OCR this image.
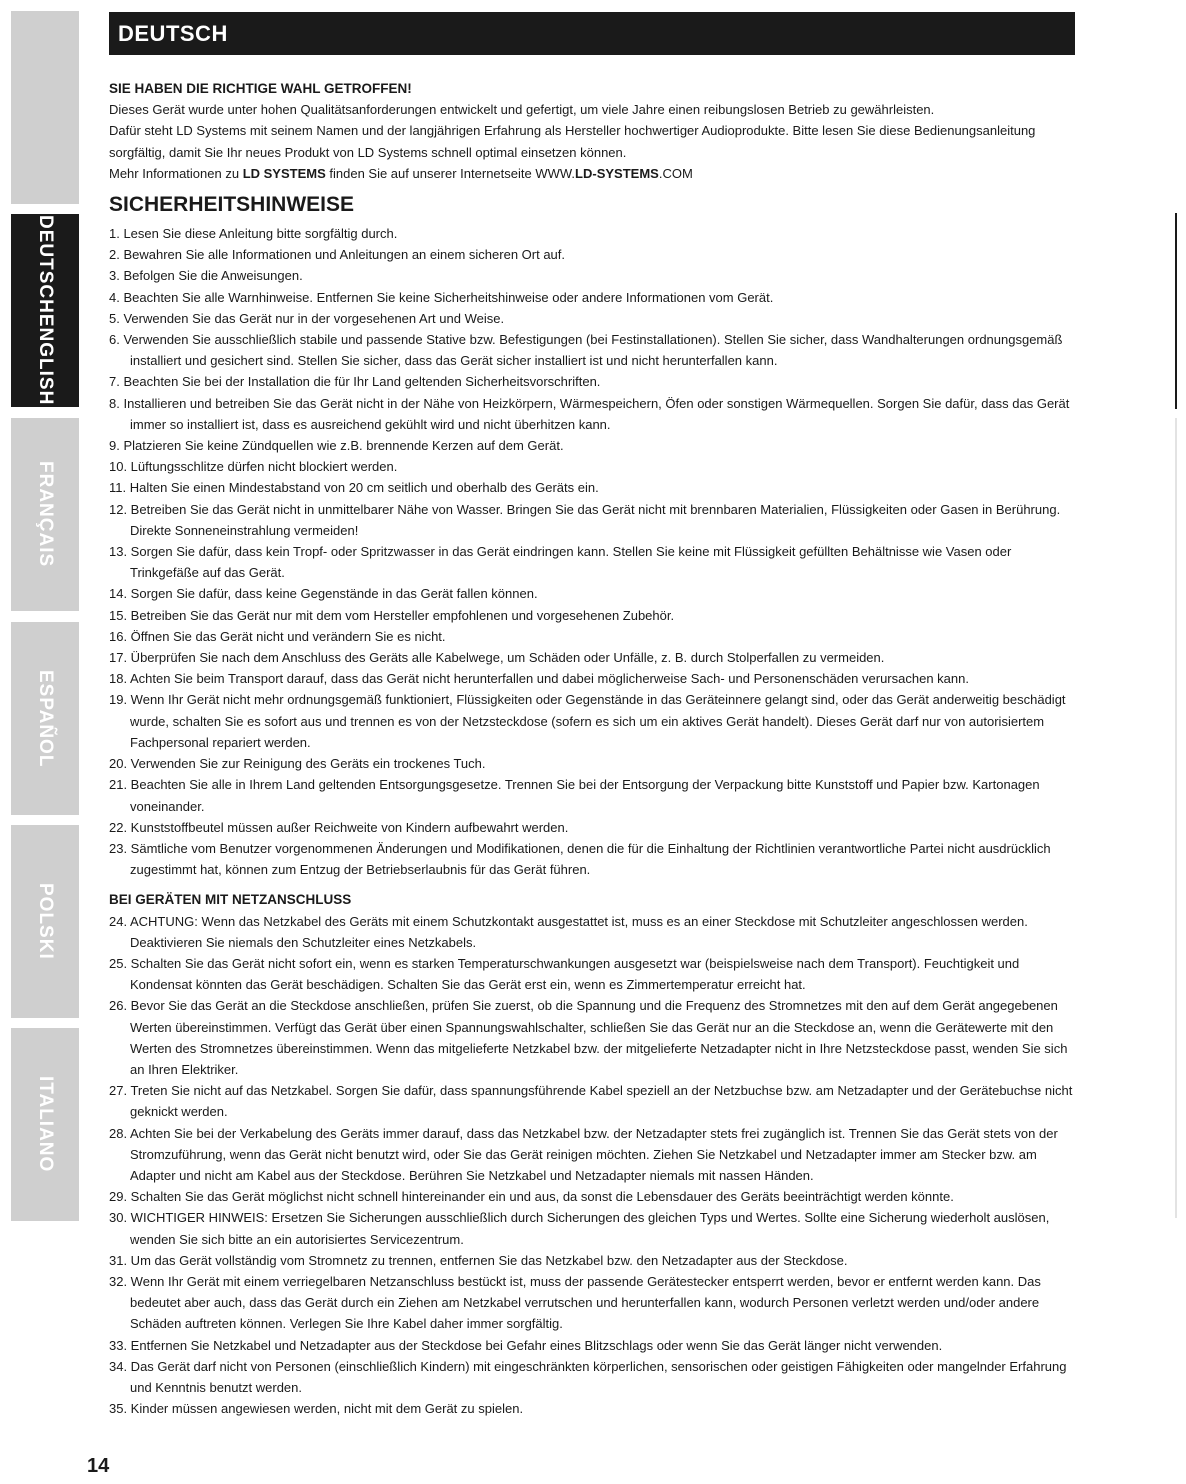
DEUTSCHENGLISH
FRANÇAIS
ESPAÑOL
POLSKI
ITALIANO
DEUTSCH

SIE HABEN DIE RICHTIGE WAHL GETROFFEN!

Dieses Gerät wurde unter hohen Qualitätsanforderungen entwickelt und gefertigt, um viele Jahre einen reibungslosen Betrieb zu gewährleisten.

Dafür steht LD Systems mit seinem Namen und der langjährigen Erfahrung als Hersteller hochwertiger Audioprodukte. Bitte lesen Sie diese Bedienungsanleitung sorgfältig, damit Sie Ihr neues Produkt von LD Systems schnell optimal einsetzen können.

Mehr Informationen zu LD SYSTEMS finden Sie auf unserer Internetseite WWW.LD-SYSTEMS.COM

SICHERHEITSHINWEISE
1. Lesen Sie diese Anleitung bitte sorgfältig durch.
2. Bewahren Sie alle Informationen und Anleitungen an einem sicheren Ort auf.
3. Befolgen Sie die Anweisungen.
4. Beachten Sie alle Warnhinweise. Entfernen Sie keine Sicherheitshinweise oder andere Informationen vom Gerät.
5. Verwenden Sie das Gerät nur in der vorgesehenen Art und Weise.
6. Verwenden Sie ausschließlich stabile und passende Stative bzw. Befestigungen (bei Festinstallationen). Stellen Sie sicher, dass Wandhalterungen ordnungsgemäß installiert und gesichert sind. Stellen Sie sicher, dass das Gerät sicher installiert ist und nicht herunterfallen kann.
7. Beachten Sie bei der Installation die für Ihr Land geltenden Sicherheitsvorschriften.
8. Installieren und betreiben Sie das Gerät nicht in der Nähe von Heizkörpern, Wärmespeichern, Öfen oder sonstigen Wärmequellen. Sorgen Sie dafür, dass das Gerät immer so installiert ist, dass es ausreichend gekühlt wird und nicht überhitzen kann.
9. Platzieren Sie keine Zündquellen wie z.B. brennende Kerzen auf dem Gerät.
10. Lüftungsschlitze dürfen nicht blockiert werden.
11. Halten Sie einen Mindestabstand von 20 cm seitlich und oberhalb des Geräts ein.
12. Betreiben Sie das Gerät nicht in unmittelbarer Nähe von Wasser. Bringen Sie das Gerät nicht mit brennbaren Materialien, Flüssigkeiten oder Gasen in Berührung. Direkte Sonneneinstrahlung vermeiden!
13. Sorgen Sie dafür, dass kein Tropf- oder Spritzwasser in das Gerät eindringen kann. Stellen Sie keine mit Flüssigkeit gefüllten Behältnisse wie Vasen oder Trinkgefäße auf das Gerät.
14. Sorgen Sie dafür, dass keine Gegenstände in das Gerät fallen können.
15. Betreiben Sie das Gerät nur mit dem vom Hersteller empfohlenen und vorgesehenen Zubehör.
16. Öffnen Sie das Gerät nicht und verändern Sie es nicht.
17. Überprüfen Sie nach dem Anschluss des Geräts alle Kabelwege, um Schäden oder Unfälle, z. B. durch Stolperfallen zu vermeiden.
18. Achten Sie beim Transport darauf, dass das Gerät nicht herunterfallen und dabei möglicherweise Sach- und Personenschäden verursachen kann.
19. Wenn Ihr Gerät nicht mehr ordnungsgemäß funktioniert, Flüssigkeiten oder Gegenstände in das Geräteinnere gelangt sind, oder das Gerät anderweitig beschädigt wurde, schalten Sie es sofort aus und trennen es von der Netzsteckdose (sofern es sich um ein aktives Gerät handelt). Dieses Gerät darf nur von autorisiertem Fachpersonal repariert werden.
20. Verwenden Sie zur Reinigung des Geräts ein trockenes Tuch.
21. Beachten Sie alle in Ihrem Land geltenden Entsorgungsgesetze. Trennen Sie bei der Entsorgung der Verpackung bitte Kunststoff und Papier bzw. Kartonagen voneinander.
22. Kunststoffbeutel müssen außer Reichweite von Kindern aufbewahrt werden.
23. Sämtliche vom Benutzer vorgenommenen Änderungen und Modifikationen, denen die für die Einhaltung der Richtlinien verantwortliche Partei nicht ausdrücklich zugestimmt hat, können zum Entzug der Betriebserlaubnis für das Gerät führen.

BEI GERÄTEN MIT NETZANSCHLUSS

24. ACHTUNG: Wenn das Netzkabel des Geräts mit einem Schutzkontakt ausgestattet ist, muss es an einer Steckdose mit Schutzleiter angeschlossen werden. Deaktivieren Sie niemals den Schutzleiter eines Netzkabels.
25. Schalten Sie das Gerät nicht sofort ein, wenn es starken Temperaturschwankungen ausgesetzt war (beispielsweise nach dem Transport). Feuchtigkeit und Kondensat könnten das Gerät beschädigen. Schalten Sie das Gerät erst ein, wenn es Zimmertemperatur erreicht hat.
26. Bevor Sie das Gerät an die Steckdose anschließen, prüfen Sie zuerst, ob die Spannung und die Frequenz des Stromnetzes mit den auf dem Gerät angegebenen Werten übereinstimmen. Verfügt das Gerät über einen Spannungswahlschalter, schließen Sie das Gerät nur an die Steckdose an, wenn die Gerätewerte mit den Werten des Stromnetzes übereinstimmen. Wenn das mitgelieferte Netzkabel bzw. der mitgelieferte Netzadapter nicht in Ihre Netzsteckdose passt, wenden Sie sich an Ihren Elektriker.
27. Treten Sie nicht auf das Netzkabel. Sorgen Sie dafür, dass spannungsführende Kabel speziell an der Netzbuchse bzw. am Netzadapter und der Gerätebuchse nicht geknickt werden.
28. Achten Sie bei der Verkabelung des Geräts immer darauf, dass das Netzkabel bzw. der Netzadapter stets frei zugänglich ist. Trennen Sie das Gerät stets von der Stromzuführung, wenn das Gerät nicht benutzt wird, oder Sie das Gerät reinigen möchten. Ziehen Sie Netzkabel und Netzadapter immer am Stecker bzw. am Adapter und nicht am Kabel aus der Steckdose. Berühren Sie Netzkabel und Netzadapter niemals mit nassen Händen.
29. Schalten Sie das Gerät möglichst nicht schnell hintereinander ein und aus, da sonst die Lebensdauer des Geräts beeinträchtigt werden könnte.
30. WICHTIGER HINWEIS: Ersetzen Sie Sicherungen ausschließlich durch Sicherungen des gleichen Typs und Wertes. Sollte eine Sicherung wiederholt auslösen, wenden Sie sich bitte an ein autorisiertes Servicezentrum.
31. Um das Gerät vollständig vom Stromnetz zu trennen, entfernen Sie das Netzkabel bzw. den Netzadapter aus der Steckdose.
32. Wenn Ihr Gerät mit einem verriegelbaren Netzanschluss bestückt ist, muss der passende Gerätestecker entsperrt werden, bevor er entfernt werden kann. Das bedeutet aber auch, dass das Gerät durch ein Ziehen am Netzkabel verrutschen und herunterfallen kann, wodurch Personen verletzt werden und/oder andere Schäden auftreten können. Verlegen Sie Ihre Kabel daher immer sorgfältig.
33. Entfernen Sie Netzkabel und Netzadapter aus der Steckdose bei Gefahr eines Blitzschlags oder wenn Sie das Gerät länger nicht verwenden.
34. Das Gerät darf nicht von Personen (einschließlich Kindern) mit eingeschränkten körperlichen, sensorischen oder geistigen Fähigkeiten oder mangelnder Erfahrung und Kenntnis benutzt werden.
35. Kinder müssen angewiesen werden, nicht mit dem Gerät zu spielen.
14
